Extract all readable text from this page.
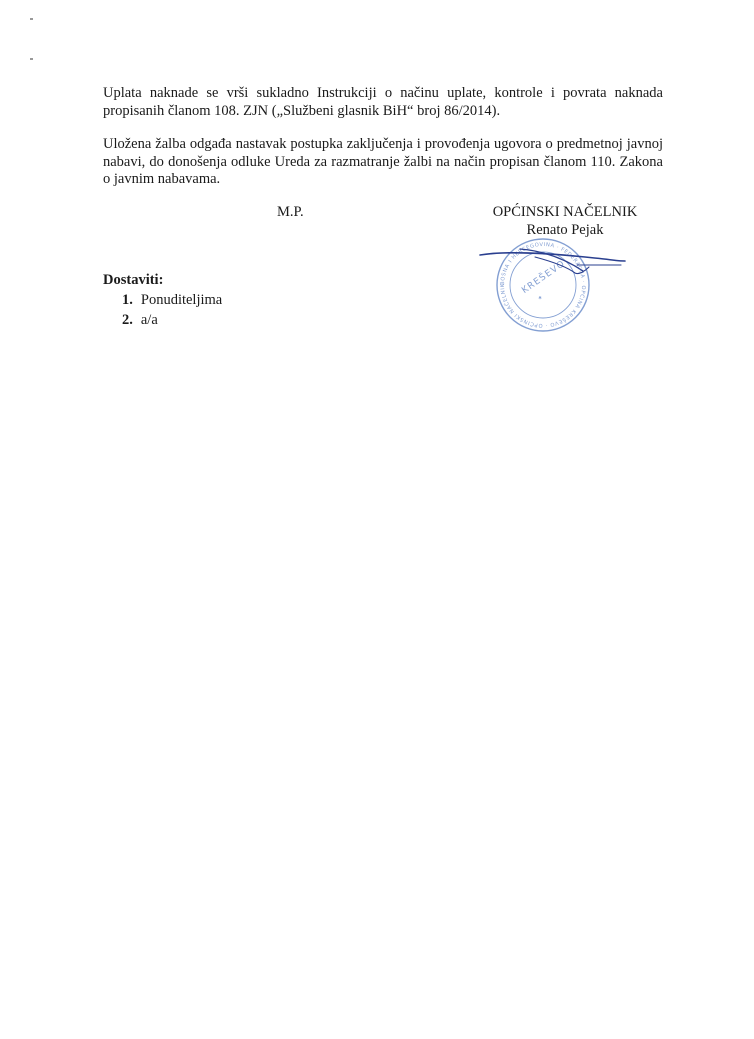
Uplata naknade se vrši sukladno Instrukciji o načinu uplate, kontrole i povrata naknada propisanih članom 108. ZJN („Službeni glasnik BiH“ broj 86/2014).

Uložena žalba odgađa nastavak postupka zaključenja i provođenja ugovora o predmetnoj javnoj nabavi, do donošenja odluke Ureda za razmatranje žalbi na način propisan članom 110. Zakona o javnim nabavama.

M.P.	OPĆINSKI NAČELNIK
Renato Pejak
BOSNA I HERCEGOVINA · FEDERACIJA · OPĆINA KREŠEVO · OPĆINSKI NAČELNIK	KREŠEVO
★
Dostaviti:
1. Ponuditeljima
2. a/a
